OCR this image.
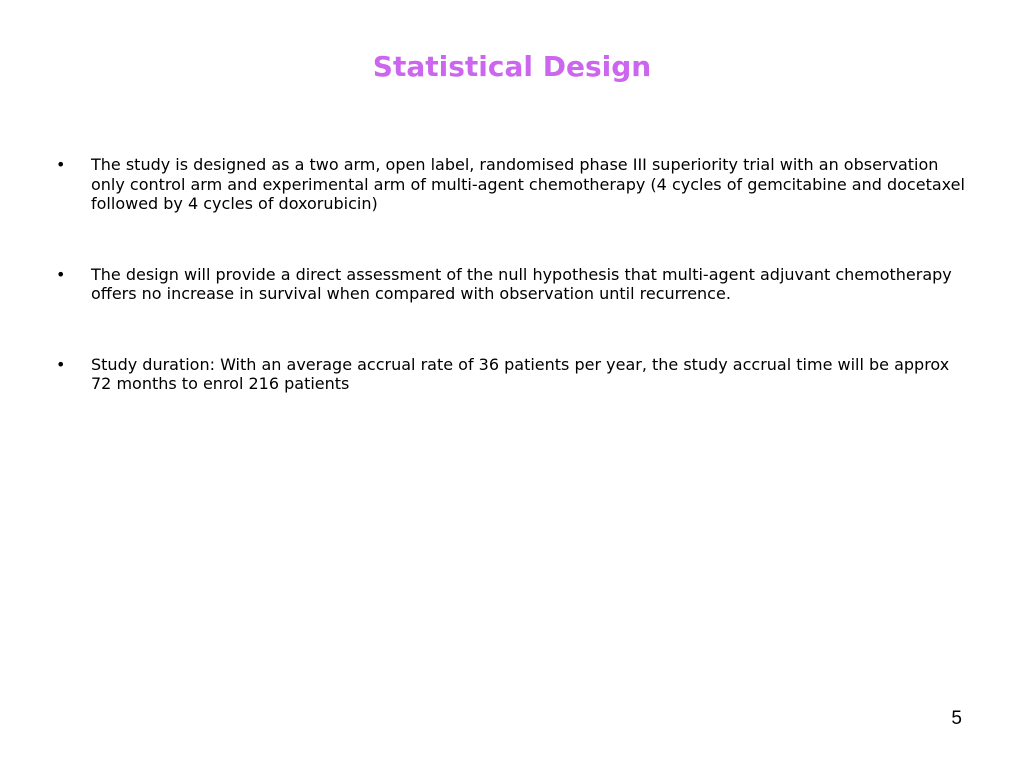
Statistical Design
• The study is designed as a two arm, open label, randomised phase III superiority trial with an observation only control arm and experimental arm of multi-agent chemotherapy (4 cycles of gemcitabine and docetaxel followed by 4 cycles of doxorubicin)
• The design will provide a direct assessment of the null hypothesis that multi-agent adjuvant chemotherapy offers no increase in survival when compared with observation until recurrence.
• Study duration: With an average accrual rate of 36 patients per year, the study accrual time will be approx 72 months to enrol 216 patients
5
